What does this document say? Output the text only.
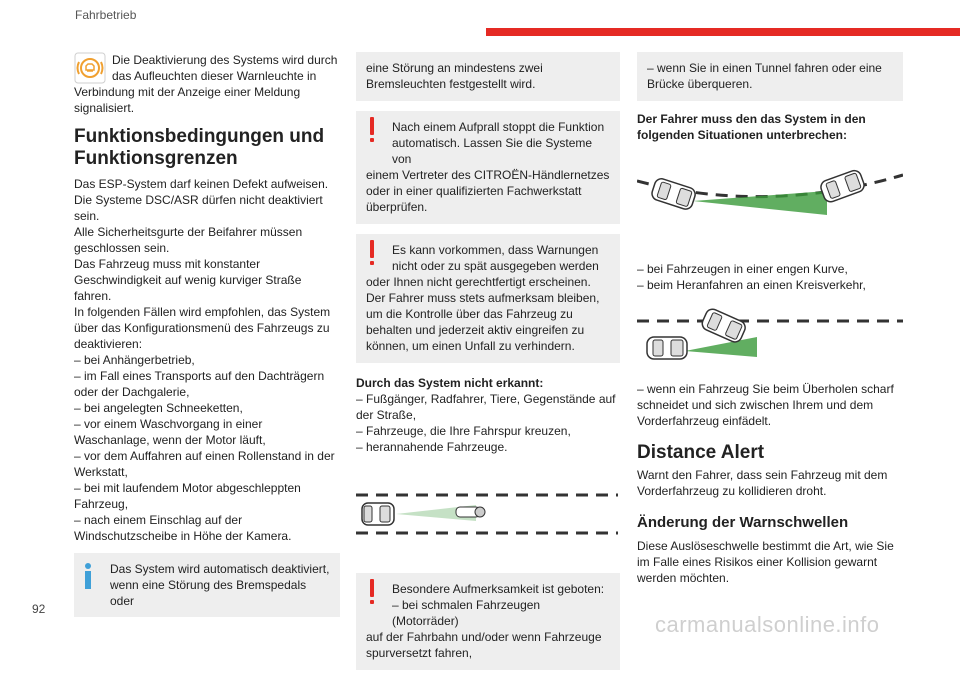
Fahrbetrieb

Die Deaktivierung des Systems wird durch

das Aufleuchten dieser Warnleuchte in

Verbindung mit der Anzeige einer Meldung signalisiert.

Funktionsbedingungen und Funktionsgrenzen

Das ESP-System darf keinen Defekt aufweisen.

Die Systeme DSC/ASR dürfen nicht deaktiviert sein.

Alle Sicherheitsgurte der Beifahrer müssen geschlossen sein.

Das Fahrzeug muss mit konstanter Geschwindigkeit auf wenig kurviger Straße fahren.

In folgenden Fällen wird empfohlen, das System über das Konfigurationsmenü des Fahrzeugs zu deaktivieren:

– bei Anhängerbetrieb,

– im Fall eines Transports auf den Dachträgern oder der Dachgalerie,

– bei angelegten Schneeketten,

– vor einem Waschvorgang in einer Waschanlage, wenn der Motor läuft,

– vor dem Auffahren auf einen Rollenstand in der Werkstatt,

– bei mit laufendem Motor abgeschleppten Fahrzeug,

– nach einem Einschlag auf der Windschutzscheibe in Höhe der Kamera.

Das System wird automatisch deaktiviert,

wenn eine Störung des Bremspedals oder

eine Störung an mindestens zwei Bremsleuchten festgestellt wird.

Nach einem Aufprall stoppt die Funktion

automatisch. Lassen Sie die Systeme von

einem Vertreter des CITROËN-Händlernetzes oder in einer qualifizierten Fachwerkstatt überprüfen.

Es kann vorkommen, dass Warnungen

nicht oder zu spät ausgegeben werden

oder Ihnen nicht gerechtfertigt erscheinen.

Der Fahrer muss stets aufmerksam bleiben, um die Kontrolle über das Fahrzeug zu behalten und jederzeit aktiv eingreifen zu können, um einen Unfall zu verhindern.

Durch das System nicht erkannt:

– Fußgänger, Radfahrer, Tiere, Gegenstände auf der Straße,

– Fahrzeuge, die Ihre Fahrspur kreuzen,

– herannahende Fahrzeuge.

Besondere Aufmerksamkeit ist geboten:

– bei schmalen Fahrzeugen (Motorräder)

auf der Fahrbahn und/oder wenn Fahrzeuge spurversetzt fahren,

– wenn Sie in einen Tunnel fahren oder eine Brücke überqueren.

Der Fahrer muss den das System in den folgenden Situationen unterbrechen:

– bei Fahrzeugen in einer engen Kurve,

– beim Heranfahren an einen Kreisverkehr,

– wenn ein Fahrzeug Sie beim Überholen scharf schneidet und sich zwischen Ihrem und dem Vorderfahrzeug einfädelt.

Distance Alert

Warnt den Fahrer, dass sein Fahrzeug mit dem Vorderfahrzeug zu kollidieren droht.

Änderung der Warnschwellen

Diese Auslöseschwelle bestimmt die Art, wie Sie im Falle eines Risikos einer Kollision gewarnt werden möchten.

92
carmanualsonline.info
